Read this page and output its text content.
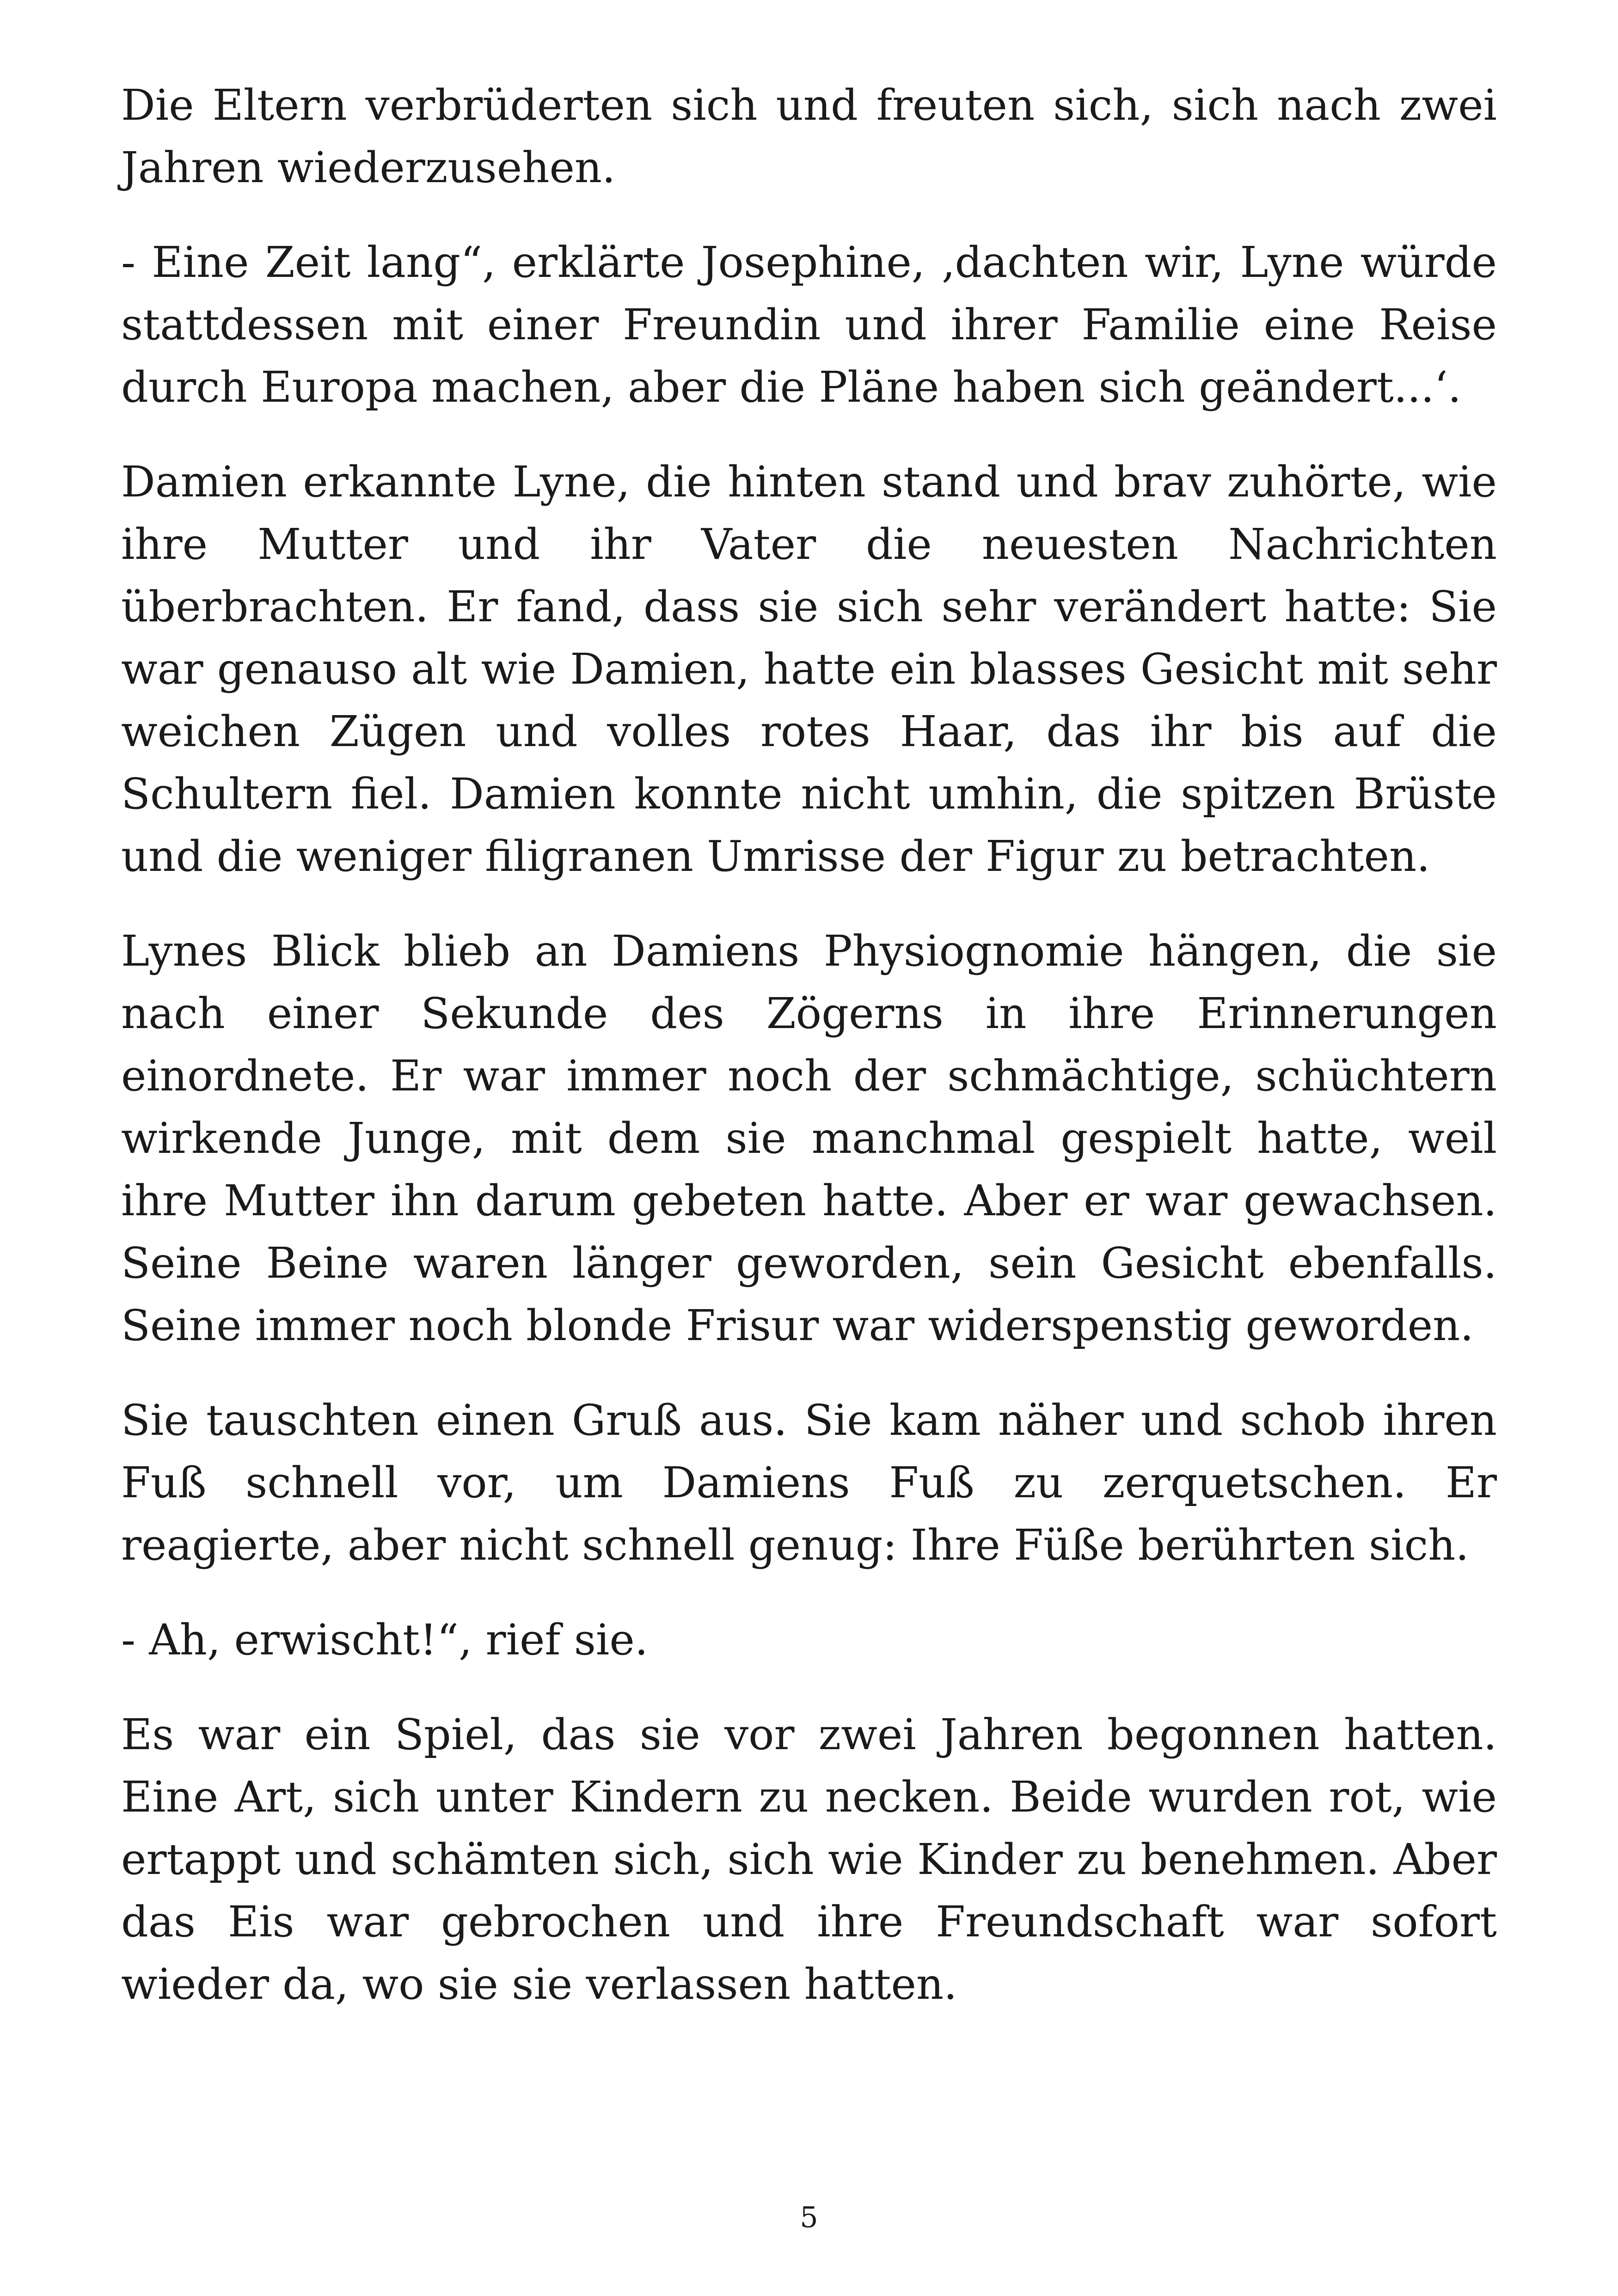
Die Eltern verbrüderten sich und freuten sich, sich nach zwei Jahren wiederzusehen.

- Eine Zeit lang“, erklärte Josephine, ‚dachten wir, Lyne würde stattdessen mit einer Freundin und ihrer Familie eine Reise durch Europa machen, aber die Pläne haben sich geändert...‘.

Damien erkannte Lyne, die hinten stand und brav zuhörte, wie ihre Mutter und ihr Vater die neuesten Nachrichten überbrachten. Er fand, dass sie sich sehr verändert hatte: Sie war genauso alt wie Damien, hatte ein blasses Gesicht mit sehr weichen Zügen und volles rotes Haar, das ihr bis auf die Schultern fiel. Damien konnte nicht umhin, die spitzen Brüste und die weniger filigranen Umrisse der Figur zu betrachten.

Lynes Blick blieb an Damiens Physiognomie hängen, die sie nach einer Sekunde des Zögerns in ihre Erinnerungen einordnete. Er war immer noch der schmächtige, schüchtern wirkende Junge, mit dem sie manchmal gespielt hatte, weil ihre Mutter ihn darum gebeten hatte. Aber er war gewachsen. Seine Beine waren länger geworden, sein Gesicht ebenfalls. Seine immer noch blonde Frisur war widerspenstig geworden.

Sie tauschten einen Gruß aus. Sie kam näher und schob ihren Fuß schnell vor, um Damiens Fuß zu zerquetschen. Er reagierte, aber nicht schnell genug: Ihre Füße berührten sich.

- Ah, erwischt!“, rief sie.

Es war ein Spiel, das sie vor zwei Jahren begonnen hatten. Eine Art, sich unter Kindern zu necken. Beide wurden rot, wie ertappt und schämten sich, sich wie Kinder zu benehmen. Aber das Eis war gebrochen und ihre Freundschaft war sofort wieder da, wo sie sie verlassen hatten.

5
